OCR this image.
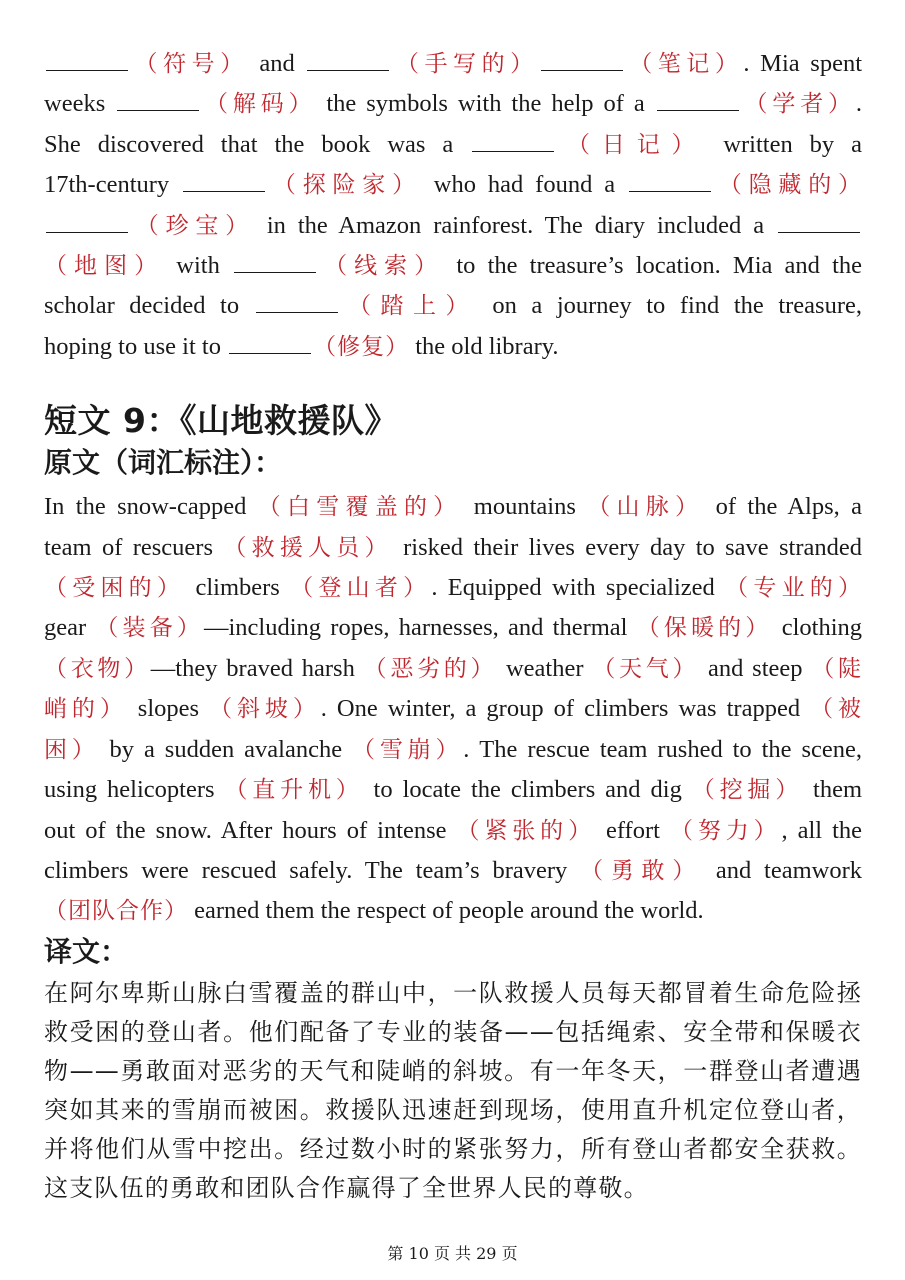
（符号） and	（手写的）	（笔记）. Mia spent

weeks	（解码） the symbols with the help of a	（学者）.

She discovered that the book was a	（日记） written by a

17th-century	（探险家） who had found a	（隐藏的）

（珍宝） in the Amazon rainforest. The diary included a

（地图） with	（线索） to the treasure’s location. Mia and the

scholar decided to	（踏上） on a journey to find the treasure,

hoping to use it to	（修复） the old library.

短文 9：《山地救援队》
原文（词汇标注）：

In the snow-capped （白雪覆盖的） mountains （山脉） of the Alps, a

team of rescuers （救援人员） risked their lives every day to save stranded

（受困的） climbers （登山者）. Equipped with specialized （专业的）

gear （装备）—including ropes, harnesses, and thermal （保暖的） clothing

（衣物）—they braved harsh （恶劣的） weather （天气） and steep （陡

峭的） slopes （斜坡）. One winter, a group of climbers was trapped （被

困） by a sudden avalanche （雪崩）. The rescue team rushed to the scene,

using helicopters （直升机） to locate the climbers and dig （挖掘） them

out of the snow. After hours of intense （紧张的） effort （努力）, all the

climbers were rescued safely. The team’s bravery （勇敢） and teamwork

（团队合作） earned them the respect of people around the world.

译文：

在阿尔卑斯山脉白雪覆盖的群山中，一队救援人员每天都冒着生命危险拯救受困的登山者。他们配备了专业的装备——包括绳索、安全带和保暖衣物——勇敢面对恶劣的天气和陡峭的斜坡。有一年冬天，一群登山者遭遇突如其来的雪崩而被困。救援队迅速赶到现场，使用直升机定位登山者，并将他们从雪中挖出。经过数小时的紧张努力，所有登山者都安全获救。这支队伍的勇敢和团队合作赢得了全世界人民的尊敬。

第 10 页 共 29 页
